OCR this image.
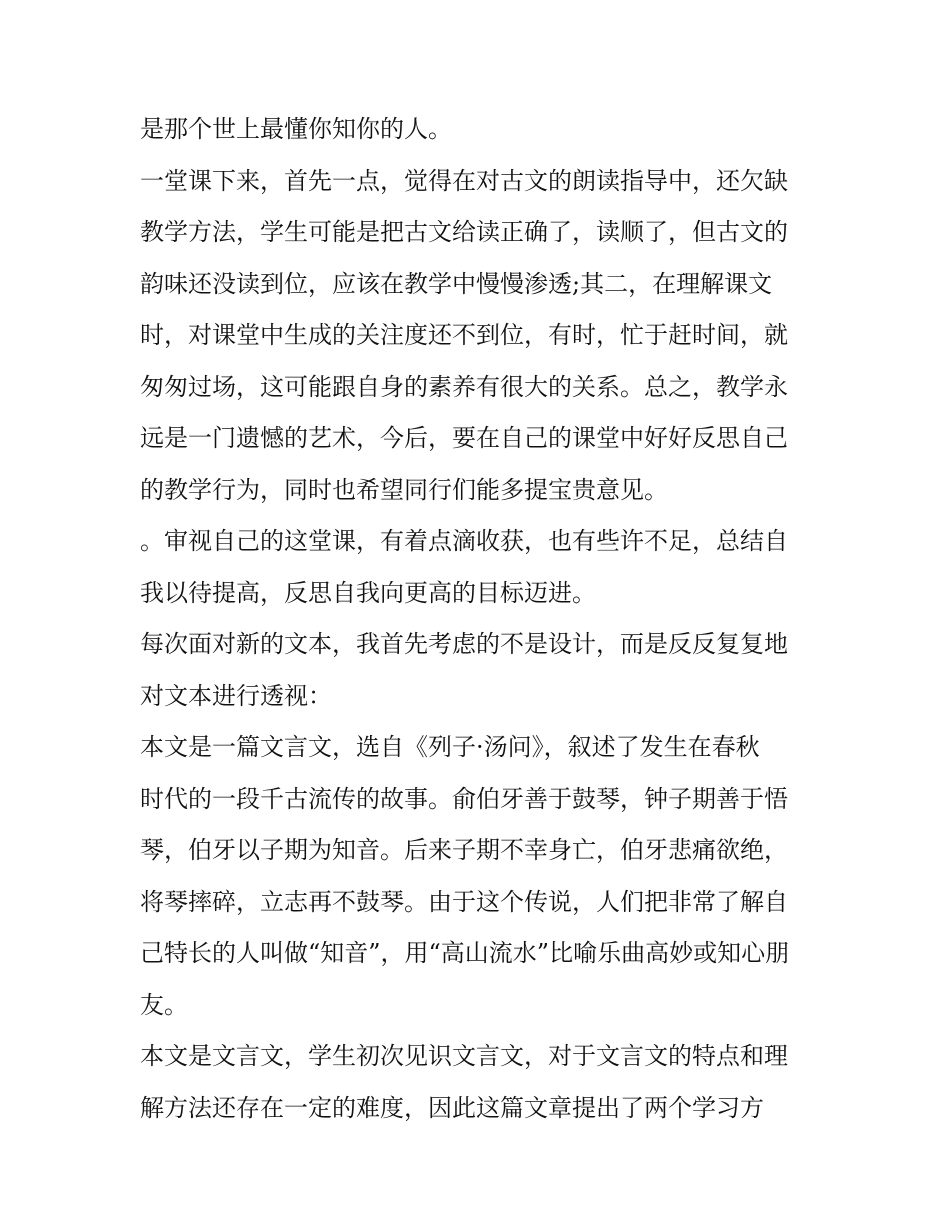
是那个世上最懂你知你的人。
一堂课下来，首先一点，觉得在对古文的朗读指导中，还欠缺
教学方法，学生可能是把古文给读正确了，读顺了，但古文的
韵味还没读到位，应该在教学中慢慢渗透;其二，在理解课文
时，对课堂中生成的关注度还不到位，有时，忙于赶时间，就
匆匆过场，这可能跟自身的素养有很大的关系。总之，教学永
远是一门遗憾的艺术，今后，要在自己的课堂中好好反思自己
的教学行为，同时也希望同行们能多提宝贵意见。
。审视自己的这堂课，有着点滴收获，也有些许不足，总结自
我以待提高，反思自我向更高的目标迈进。
每次面对新的文本，我首先考虑的不是设计，而是反反复复地
对文本进行透视：
本文是一篇文言文，选自《列子·汤问》，叙述了发生在春秋
时代的一段千古流传的故事。俞伯牙善于鼓琴，钟子期善于悟
琴，伯牙以子期为知音。后来子期不幸身亡，伯牙悲痛欲绝，
将琴摔碎，立志再不鼓琴。由于这个传说，人们把非常了解自
己特长的人叫做“知音”，用“高山流水”比喻乐曲高妙或知心朋
友。
本文是文言文，学生初次见识文言文，对于文言文的特点和理
解方法还存在一定的难度，因此这篇文章提出了两个学习方
